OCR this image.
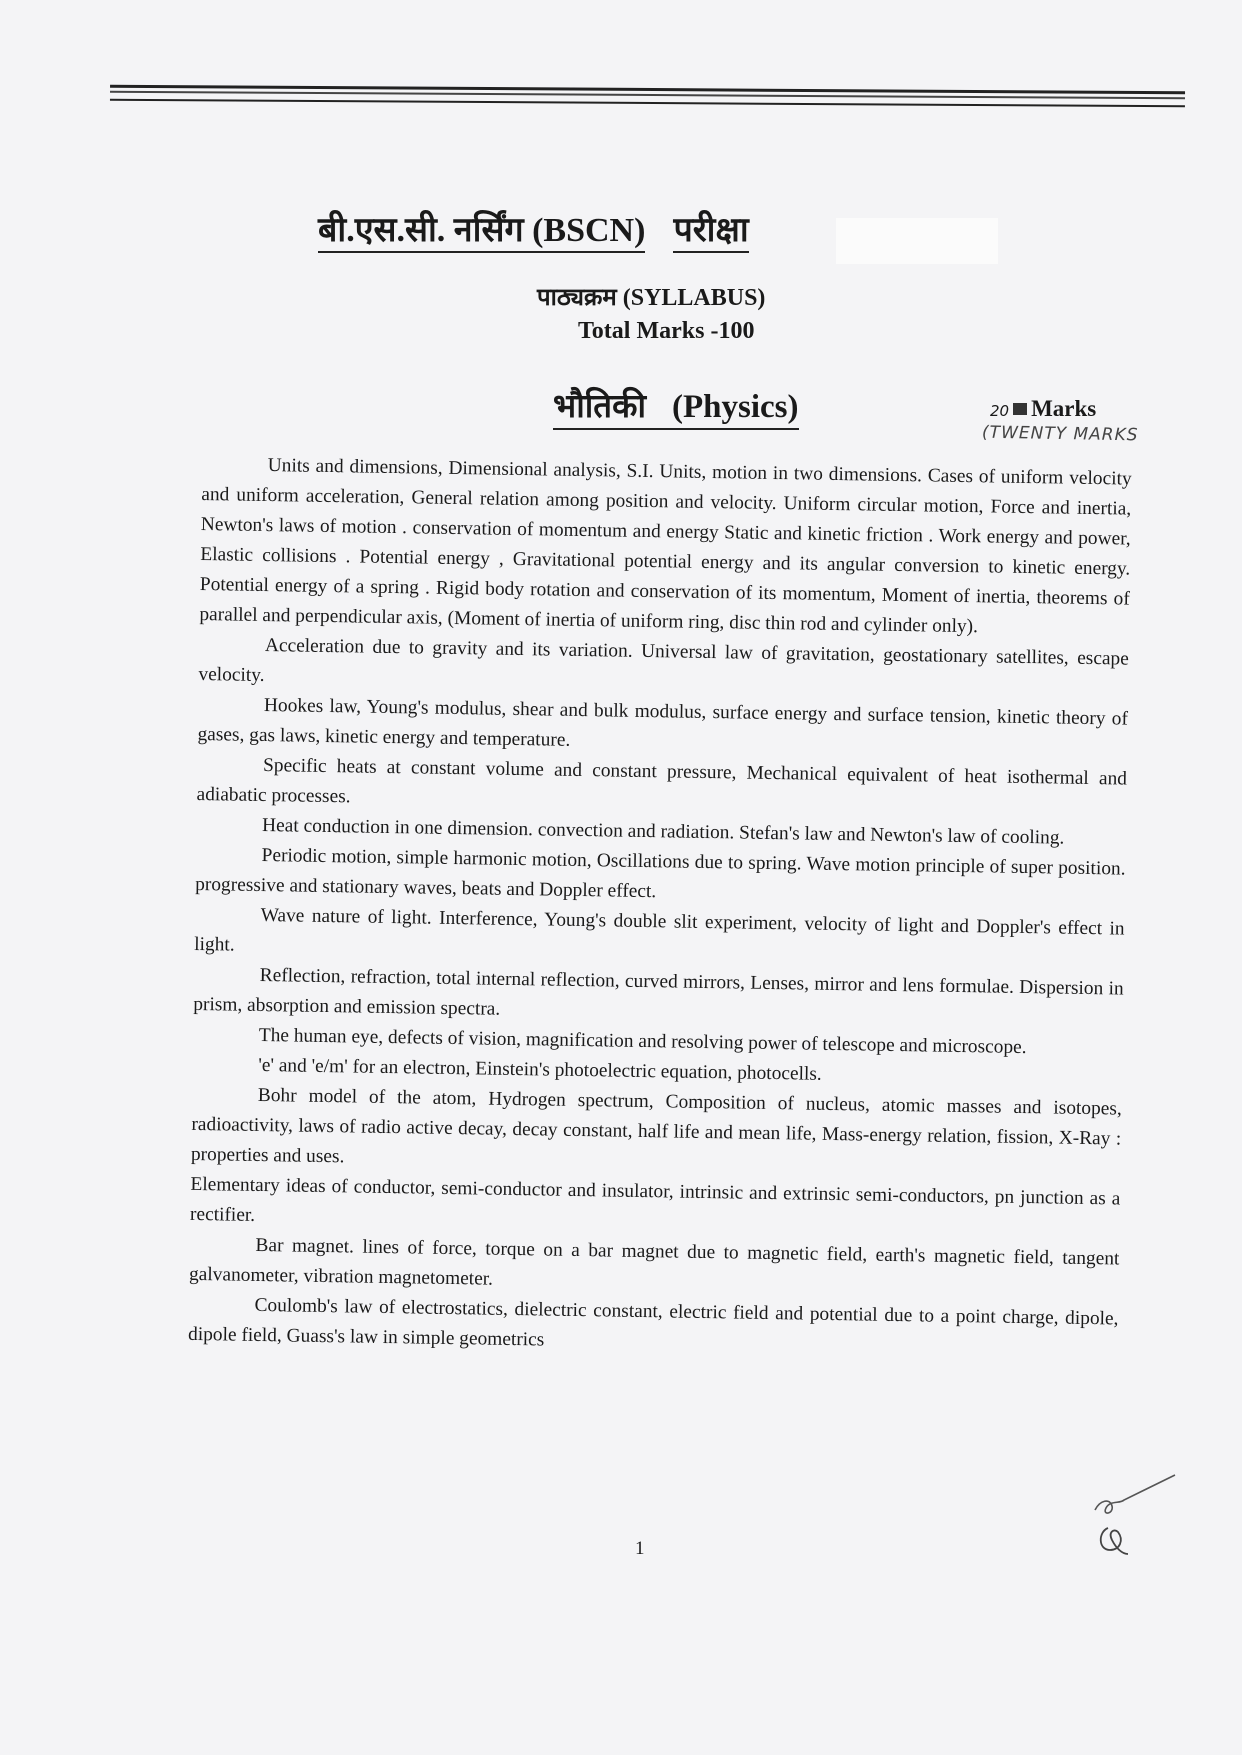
बी.एस.सी. नर्सिंग (BSCN) परीक्षा
पाठ्यक्रम (SYLLABUS)
Total Marks -100
भौतिकी (Physics)	20 Marks
(TWENTY MARKS

Units and dimensions, Dimensional analysis, S.I. Units, motion in two dimensions. Cases of uniform velocity and uniform acceleration, General relation among position and velocity. Uniform circular motion, Force and inertia, Newton's laws of motion . conservation of momentum and energy Static and kinetic friction . Work energy and power, Elastic collisions . Potential energy , Gravitational potential energy and its angular conversion to kinetic energy. Potential energy of a spring . Rigid body rotation and conservation of its momentum, Moment of inertia, theorems of parallel and perpendicular axis, (Moment of inertia of uniform ring, disc thin rod and cylinder only).

Acceleration due to gravity and its variation. Universal law of gravitation, geostationary satellites, escape velocity.

Hookes law, Young's modulus, shear and bulk modulus, surface energy and surface tension, kinetic theory of gases, gas laws, kinetic energy and temperature.

Specific heats at constant volume and constant pressure, Mechanical equivalent of heat isothermal and adiabatic processes.

Heat conduction in one dimension. convection and radiation. Stefan's law and Newton's law of cooling.

Periodic motion, simple harmonic motion, Oscillations due to spring. Wave motion principle of super position. progressive and stationary waves, beats and Doppler effect.

Wave nature of light. Interference, Young's double slit experiment, velocity of light and Doppler's effect in light.

Reflection, refraction, total internal reflection, curved mirrors, Lenses, mirror and lens formulae. Dispersion in prism, absorption and emission spectra.

The human eye, defects of vision, magnification and resolving power of telescope and microscope.

'e' and 'e/m' for an electron, Einstein's photoelectric equation, photocells.

Bohr model of the atom, Hydrogen spectrum, Composition of nucleus, atomic masses and isotopes, radioactivity, laws of radio active decay, decay constant, half life and mean life, Mass-energy relation, fission, X-Ray : properties and uses.

Elementary ideas of conductor, semi-conductor and insulator, intrinsic and extrinsic semi-conductors, pn junction as a rectifier.

Bar magnet. lines of force, torque on a bar magnet due to magnetic field, earth's magnetic field, tangent galvanometer, vibration magnetometer.

Coulomb's law of electrostatics, dielectric constant, electric field and potential due to a point charge, dipole, dipole field, Guass's law in simple geometrics

1
